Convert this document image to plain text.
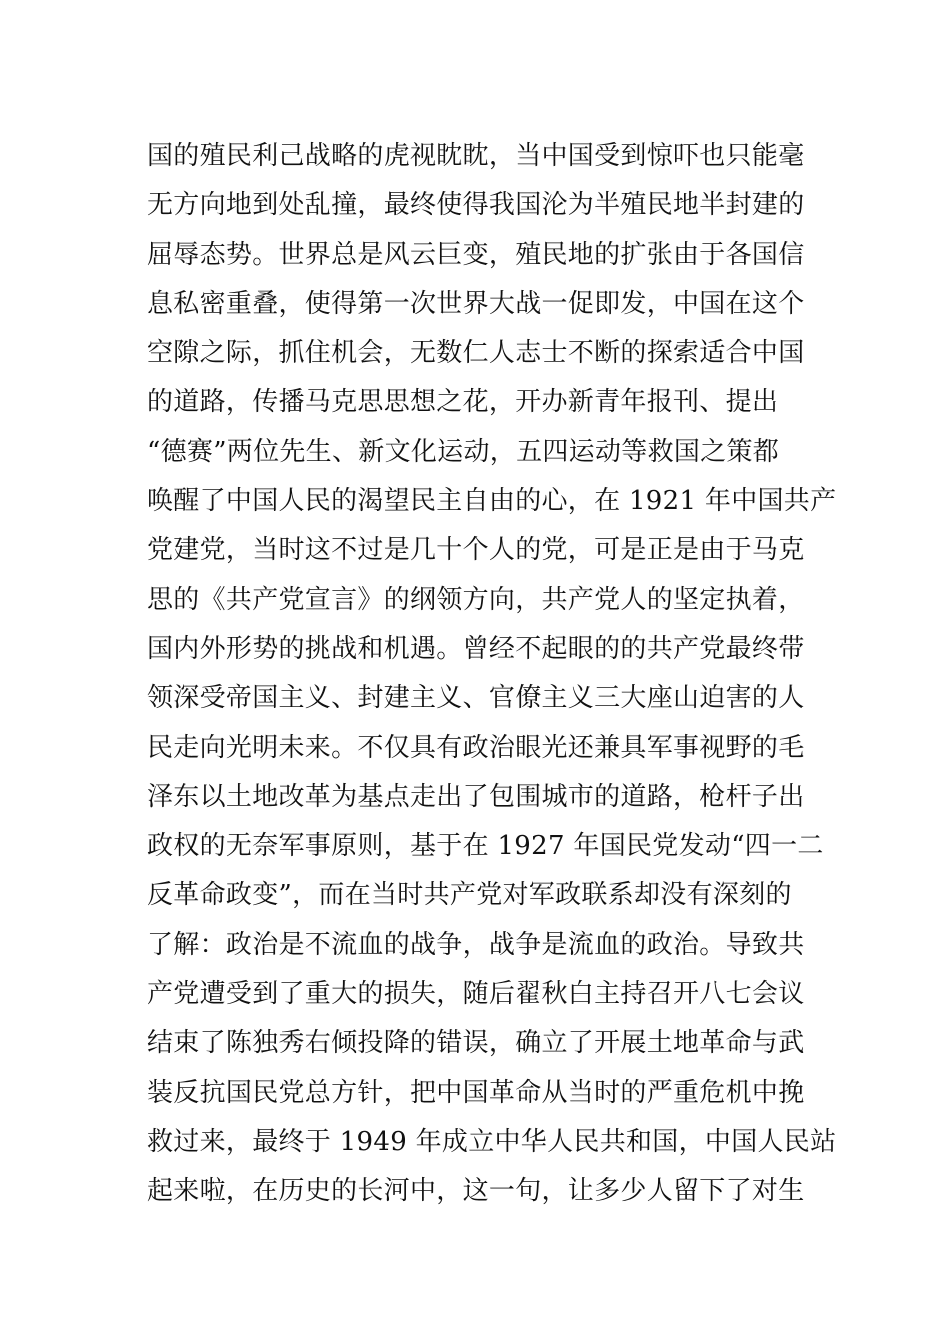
国的殖民利己战略的虎视眈眈，当中国受到惊吓也只能毫
无方向地到处乱撞，最终使得我国沦为半殖民地半封建的
屈辱态势。世界总是风云巨变，殖民地的扩张由于各国信
息私密重叠，使得第一次世界大战一促即发，中国在这个
空隙之际，抓住机会，无数仁人志士不断的探索适合中国
的道路，传播马克思思想之花，开办新青年报刊、提出
“德赛”两位先生、新文化运动，五四运动等救国之策都
唤醒了中国人民的渴望民主自由的心，在 1921 年中国共产
党建党，当时这不过是几十个人的党，可是正是由于马克
思的《共产党宣言》的纲领方向，共产党人的坚定执着，
国内外形势的挑战和机遇。曾经不起眼的的共产党最终带
领深受帝国主义、封建主义、官僚主义三大座山迫害的人
民走向光明未来。不仅具有政治眼光还兼具军事视野的毛
泽东以土地改革为基点走出了包围城市的道路，枪杆子出
政权的无奈军事原则，基于在 1927 年国民党发动“四一二
反革命政变”，而在当时共产党对军政联系却没有深刻的
了解：政治是不流血的战争，战争是流血的政治。导致共
产党遭受到了重大的损失，随后翟秋白主持召开八七会议
结束了陈独秀右倾投降的错误，确立了开展土地革命与武
装反抗国民党总方针，把中国革命从当时的严重危机中挽
救过来，最终于 1949 年成立中华人民共和国，中国人民站
起来啦，在历史的长河中，这一句，让多少人留下了对生
